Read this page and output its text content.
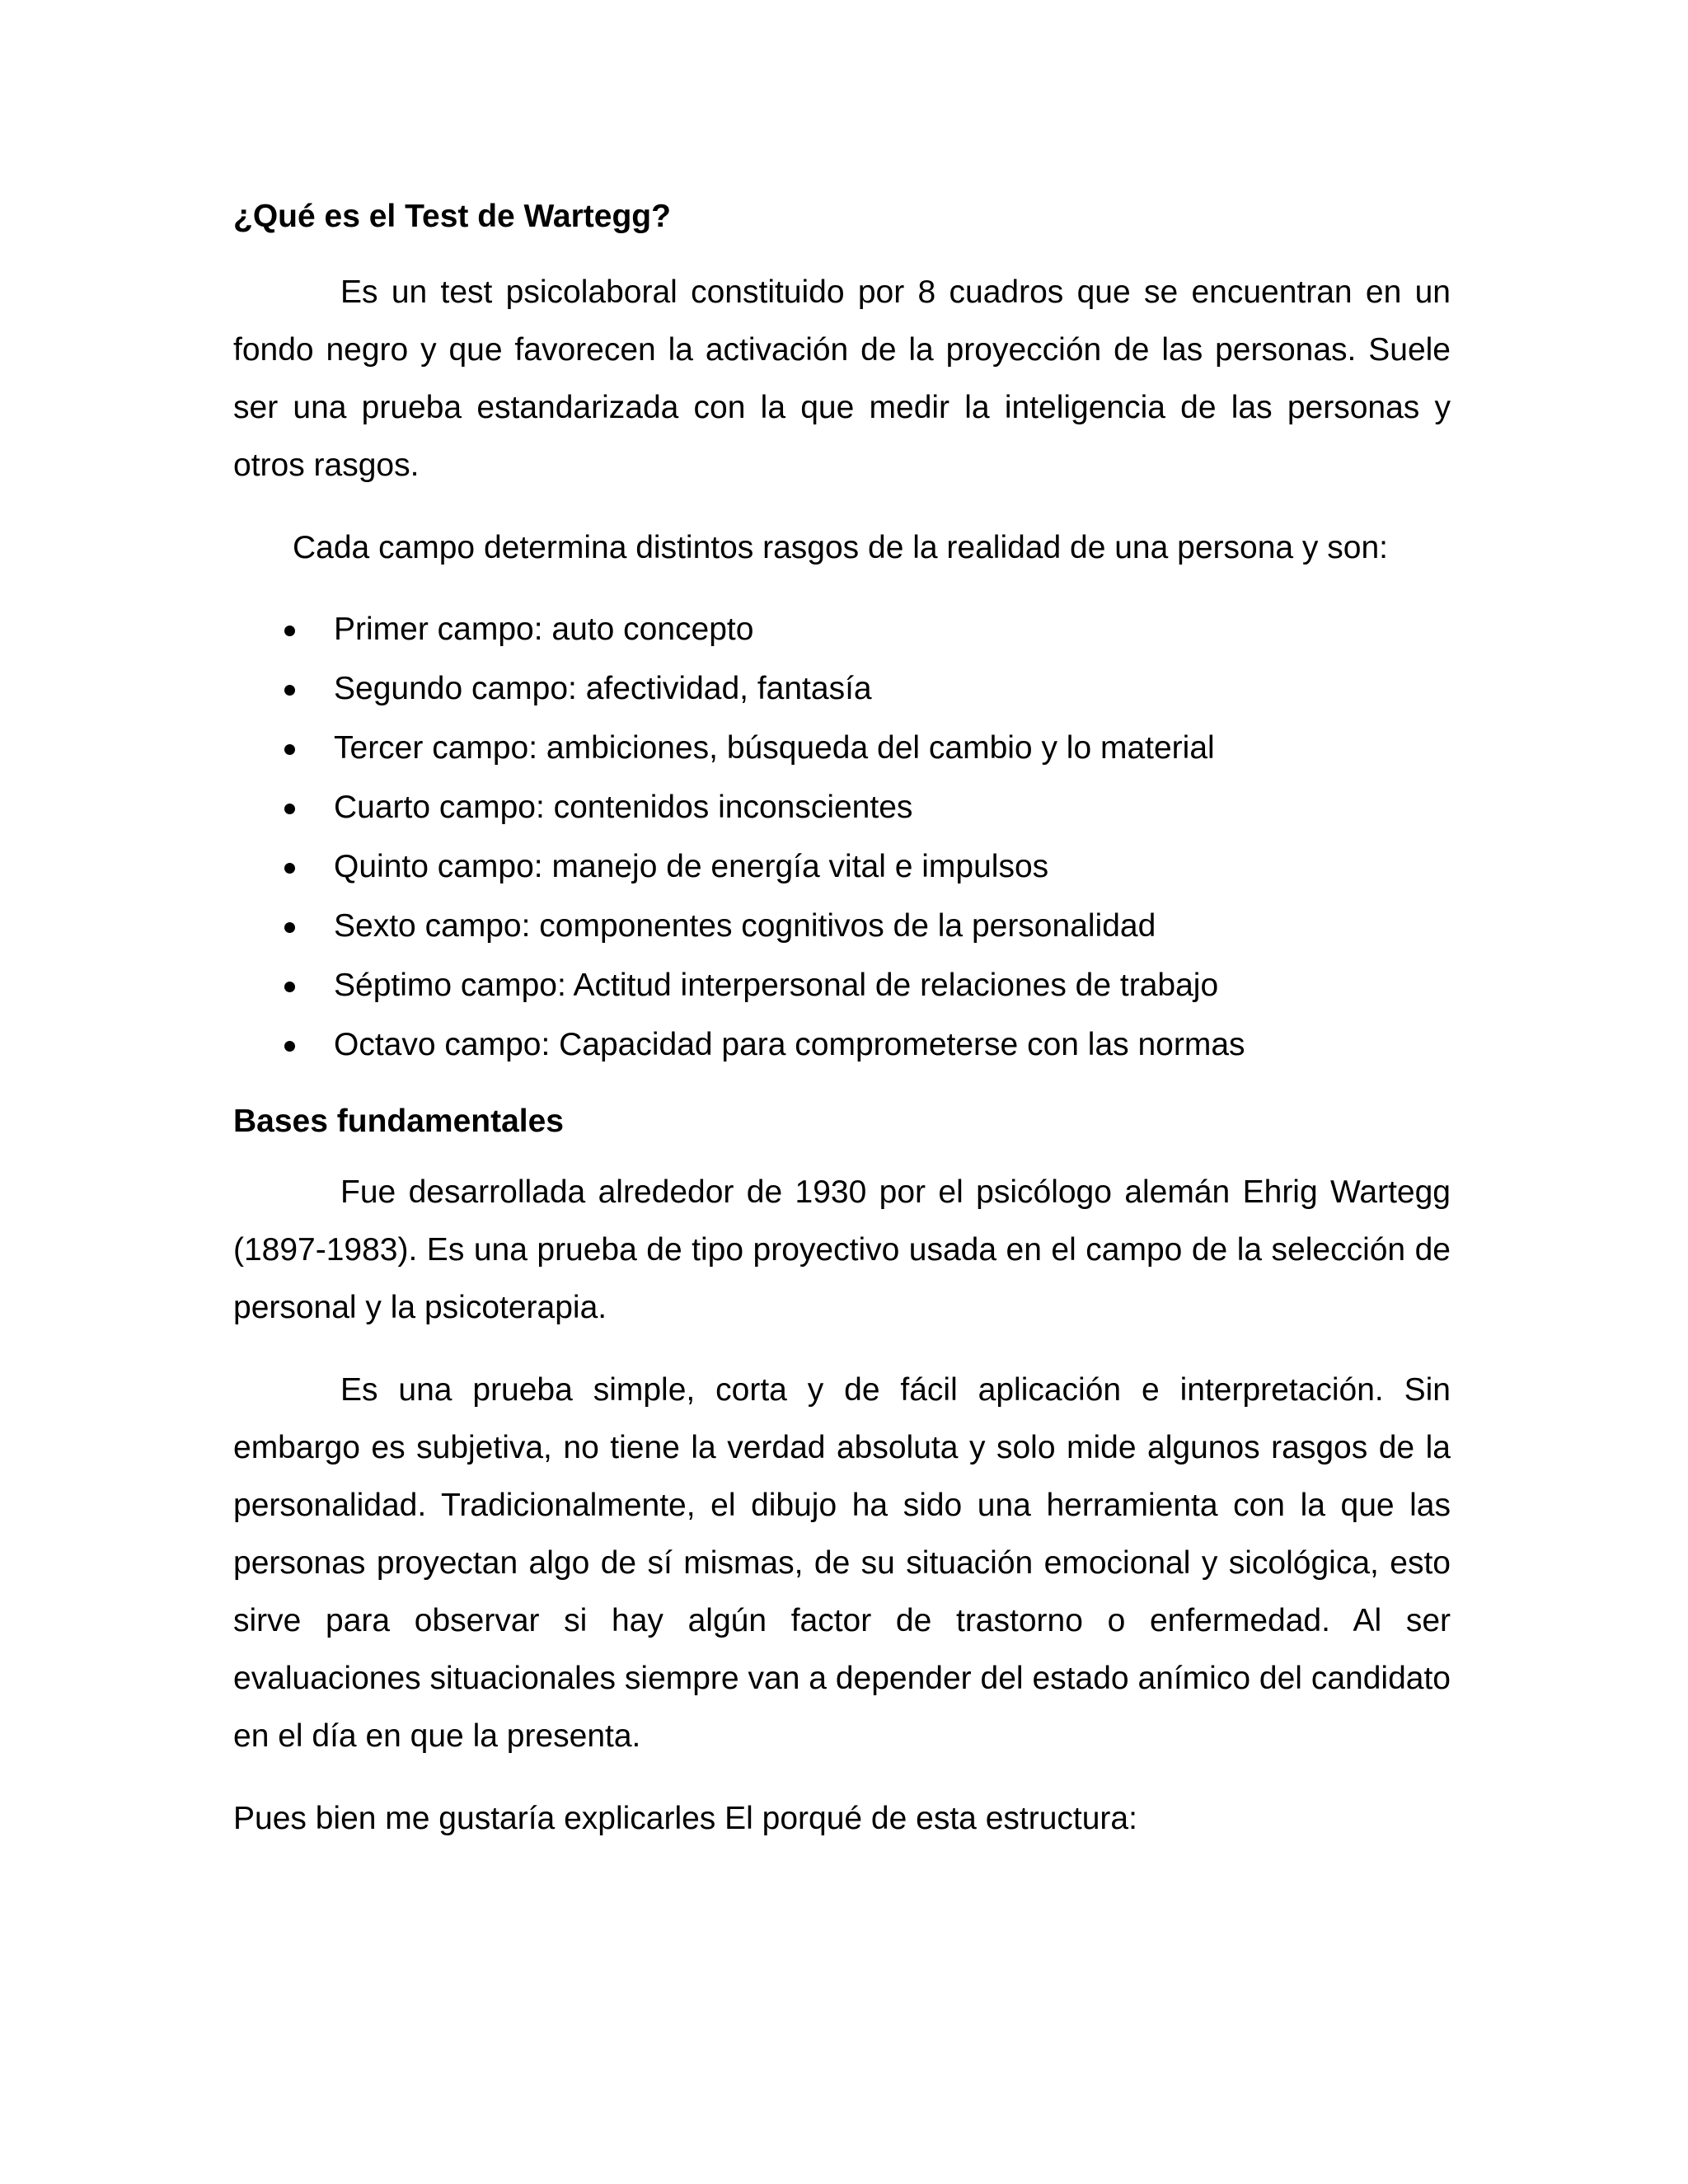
¿Qué es el Test de Wartegg?

Es un test psicolaboral constituido por 8 cuadros que se encuentran en un fondo negro y que favorecen la activación de la proyección de las personas. Suele ser una prueba estandarizada con la que medir la inteligencia de las personas y otros rasgos.

Cada campo determina distintos rasgos de la realidad de una persona y son:

Primer campo: auto concepto
Segundo campo: afectividad, fantasía
Tercer campo: ambiciones, búsqueda del cambio y lo material
Cuarto campo: contenidos inconscientes
Quinto campo: manejo de energía vital e impulsos
Sexto campo: componentes cognitivos de la personalidad
Séptimo campo: Actitud interpersonal de relaciones de trabajo
Octavo campo: Capacidad para comprometerse con las normas
Bases fundamentales

Fue desarrollada alrededor de 1930 por el psicólogo alemán Ehrig Wartegg (1897-1983). Es una prueba de tipo proyectivo usada en el campo de la selección de personal y la psicoterapia.

Es una prueba simple, corta y de fácil aplicación e interpretación. Sin embargo es subjetiva, no tiene la verdad absoluta y solo mide algunos rasgos de la personalidad. Tradicionalmente, el dibujo ha sido una herramienta con la que las personas proyectan algo de sí mismas, de su situación emocional y sicológica, esto sirve para observar si hay algún factor de trastorno o enfermedad. Al ser evaluaciones situacionales siempre van a depender del estado anímico del candidato en el día en que la presenta.

Pues bien me gustaría explicarles El porqué de esta estructura:
